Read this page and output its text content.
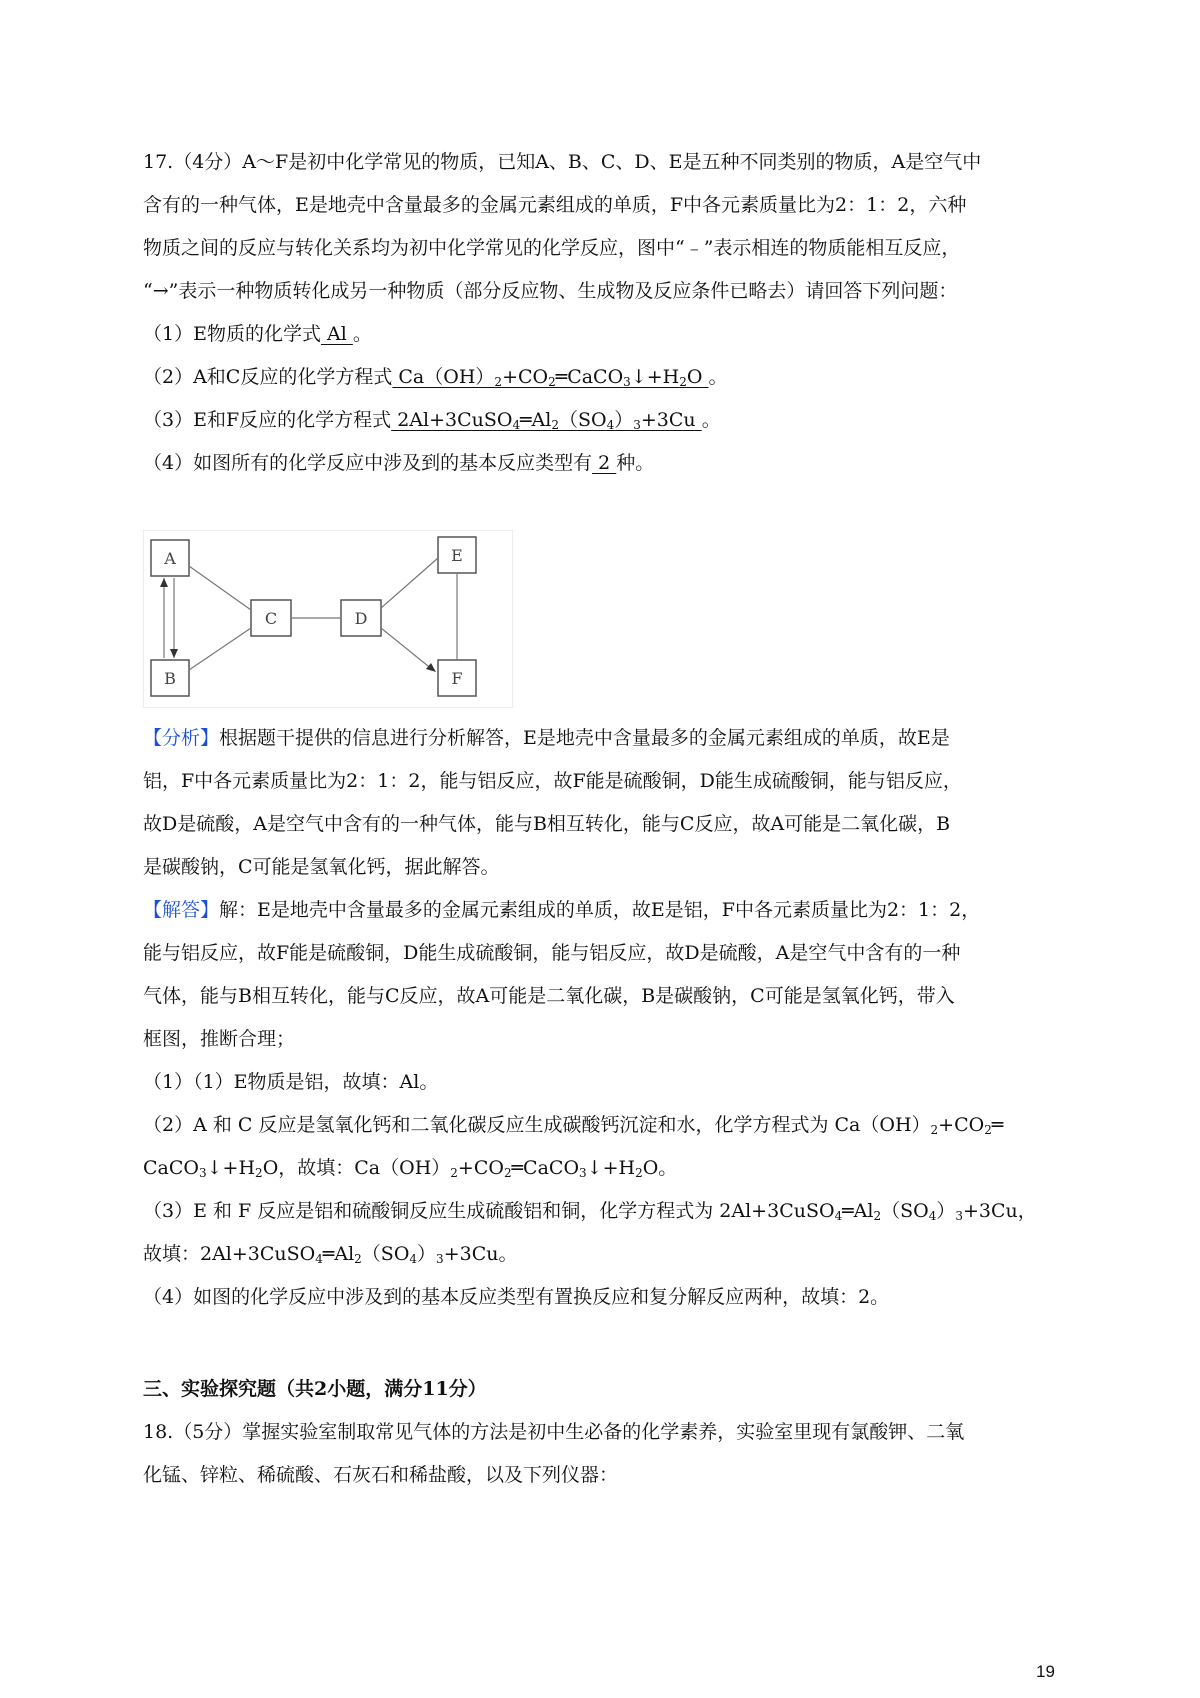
17.（4分）A～F是初中化学常见的物质，已知A、B、C、D、E是五种不同类别的物质，A是空气中
含有的一种气体，E是地壳中含量最多的金属元素组成的单质，F中各元素质量比为2：1：2，六种
物质之间的反应与转化关系均为初中化学常见的化学反应，图中“﹣”表示相连的物质能相互反应，
“→”表示一种物质转化成另一种物质（部分反应物、生成物及反应条件已略去）请回答下列问题：
（1）E物质的化学式 Al 。
（2）A和C反应的化学方程式 $Ca(OH)_2+CO_2═CaCO_3↓+H_2O$ 。
（3）E和F反应的化学方程式 $2Al+3CuSO_4═Al_2(SO_4)_3+3Cu$ 。
（4）如图所有的化学反应中涉及到的基本反应类型有 2 种。
A
B
C	D
E
F
【分析】根据题干提供的信息进行分析解答，E是地壳中含量最多的金属元素组成的单质，故E是
铝，F中各元素质量比为2：1：2，能与铝反应，故F能是硫酸铜，D能生成硫酸铜，能与铝反应，
故D是硫酸，A是空气中含有的一种气体，能与B相互转化，能与C反应，故A可能是二氧化碳，B
是碳酸钠，C可能是氢氧化钙，据此解答。
【解答】解：E是地壳中含量最多的金属元素组成的单质，故E是铝，F中各元素质量比为2：1：2，
能与铝反应，故F能是硫酸铜，D能生成硫酸铜，能与铝反应，故D是硫酸，A是空气中含有的一种
气体，能与B相互转化，能与C反应，故A可能是二氧化碳，B是碳酸钠，C可能是氢氧化钙，带入
框图，推断合理；
（1）（1）E物质是铝，故填：Al。
（2）A 和 C 反应是氢氧化钙和二氧化碳反应生成碳酸钙沉淀和水，化学方程式为 $Ca(OH)_2+CO_2═$
$CaCO_3↓+H_2O$，故填：$Ca(OH)_2+CO_2═CaCO_3↓+H_2O$。
（3）E 和 F 反应是铝和硫酸铜反应生成硫酸铝和铜，化学方程式为 $2Al+3CuSO_4═Al_2(SO_4)_3+3Cu$，
故填：$2Al+3CuSO_4═Al_2(SO_4)_3+3Cu$。
（4）如图的化学反应中涉及到的基本反应类型有置换反应和复分解反应两种，故填：2。
三、实验探究题（共2小题，满分11分）
18.（5分）掌握实验室制取常见气体的方法是初中生必备的化学素养，实验室里现有氯酸钾、二氧
化锰、锌粒、稀硫酸、石灰石和稀盐酸，以及下列仪器：
19
